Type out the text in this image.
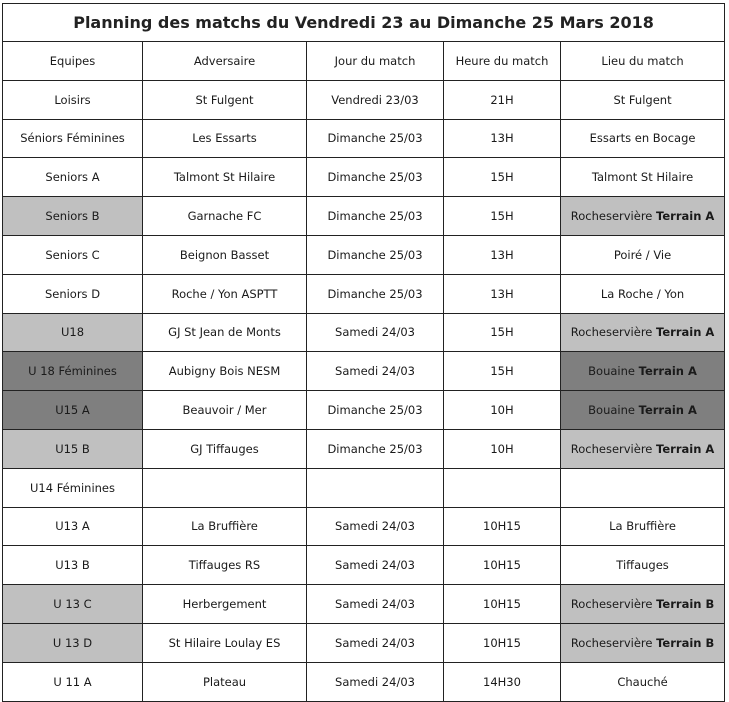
Planning des matchs du Vendredi 23 au Dimanche 25 Mars 2018				
Equipes	Adversaire	Jour du match	Heure du match	Lieu du match
Loisirs	St Fulgent	Vendredi 23/03	21H	St Fulgent
Séniors Féminines	Les Essarts	Dimanche 25/03	13H	Essarts en Bocage
Seniors A	Talmont St Hilaire	Dimanche 25/03	15H	Talmont St Hilaire
Seniors B	Garnache FC	Dimanche 25/03	15H	Rocheservière Terrain A
Seniors C	Beignon Basset	Dimanche 25/03	13H	Poiré / Vie
Seniors D	Roche / Yon ASPTT	Dimanche 25/03	13H	La Roche / Yon
U18	GJ St Jean de Monts	Samedi 24/03	15H	Rocheservière Terrain A
U 18 Féminines	Aubigny Bois NESM	Samedi 24/03	15H	Bouaine Terrain A
U15 A	Beauvoir / Mer	Dimanche 25/03	10H	Bouaine Terrain A
U15 B	GJ Tiffauges	Dimanche 25/03	10H	Rocheservière Terrain A
U14 Féminines				
U13 A	La Bruffière	Samedi 24/03	10H15	La Bruffière
U13 B	Tiffauges RS	Samedi 24/03	10H15	Tiffauges
U 13 C	Herbergement	Samedi 24/03	10H15	Rocheservière Terrain B
U 13 D	St Hilaire Loulay ES	Samedi 24/03	10H15	Rocheservière Terrain B
U 11 A	Plateau	Samedi 24/03	14H30	Chauché
